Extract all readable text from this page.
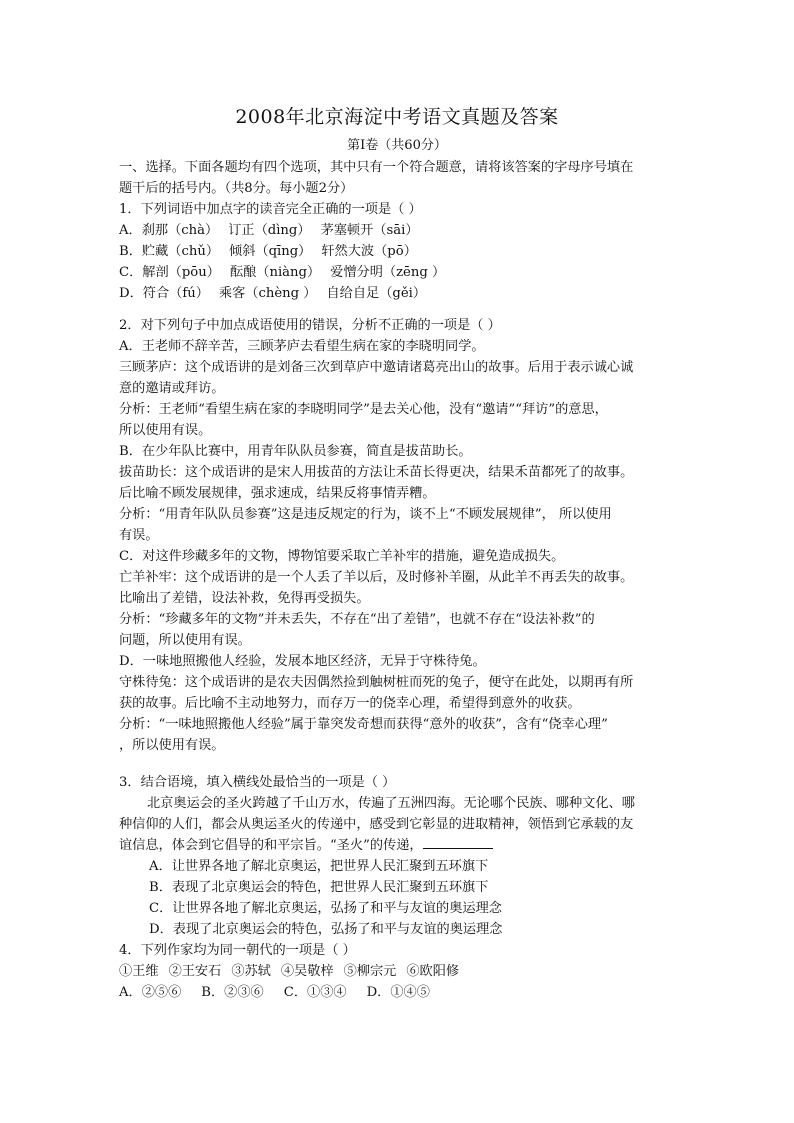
2008年北京海淀中考语文真题及答案
第Ⅰ卷（共60分）

一、选择。下面各题均有四个选项，其中只有一个符合题意，请将该答案的字母序号填在

题干后的括号内。（共8分。每小题2分）

1．下列词语中加点字的读音完全正确的一项是（ ）

A．刹那（chà） 订正（dìng） 茅塞顿开（sāi）
B．贮藏（chǔ） 倾斜（qīng） 轩然大波（pō）
C．解剖（pōu） 酝酿（niàng） 爱憎分明（zēng ）
D．符合（fú） 乘客（chèng ） 自给自足（gěi）

2．对下列句子中加点成语使用的错误，分析不正确的一项是（ ）

A．王老师不辞辛苦，三顾茅庐去看望生病在家的李晓明同学。

三顾茅庐：这个成语讲的是刘备三次到草庐中邀请诸葛亮出山的故事。后用于表示诚心诚

意的邀请或拜访。

分析：王老师“看望生病在家的李晓明同学”是去关心他，没有“邀请”“拜访”的意思，

所以使用有误。

B．在少年队比赛中，用青年队队员参赛，简直是拔苗助长。

拔苗助长：这个成语讲的是宋人用拔苗的方法让禾苗长得更决，结果禾苗都死了的故事。

后比喻不顾发展规律，强求速成，结果反将事情弄糟。

分析：“用青年队队员参赛”这是违反规定的行为，谈不上“不顾发展规律”， 所以使用

有误。

C．对这件珍藏多年的文物，博物馆要采取亡羊补牢的措施，避免造成损失。

亡羊补牢：这个成语讲的是一个人丢了羊以后，及时修补羊圈，从此羊不再丢失的故事。

比喻出了差错，设法补救，免得再受损失。

分析：“珍藏多年的文物”并未丢失，不存在“出了差错”，也就不存在“设法补救”的

问题，所以使用有误。

D．一味地照搬他人经验，发展本地区经济，无异于守株待兔。

守株待兔：这个成语讲的是农夫因偶然捡到触树桩而死的兔子，便守在此处，以期再有所

获的故事。后比喻不主动地努力，而存万一的侥幸心理，希望得到意外的收获。

分析：“一味地照搬他人经验”属于靠突发奇想而获得“意外的收获”，含有“侥幸心理”

，所以使用有误。

3．结合语境，填入横线处最恰当的一项是（ ）

北京奥运会的圣火跨越了千山万水，传遍了五洲四海。无论哪个民族、哪种文化、哪

种信仰的人们，都会从奥运圣火的传递中，感受到它彰显的进取精神，领悟到它承载的友

谊信息，体会到它倡导的和平宗旨。“圣火”的传递，

A．让世界各地了解北京奥运，把世界人民汇聚到五环旗下

B．表现了北京奥运会的特色，把世界人民汇聚到五环旗下

C．让世界各地了解北京奥运，弘扬了和平与友谊的奥运理念

D．表现了北京奥运会的特色，弘扬了和平与友谊的奥运理念

4．下列作家均为同一朝代的一项是（ ）

①王维 ②王安石 ③苏轼 ④吴敬梓 ⑤柳宗元 ⑥欧阳修

A．②⑤⑥ B．②③⑥ C．①③④ D．①④⑤
